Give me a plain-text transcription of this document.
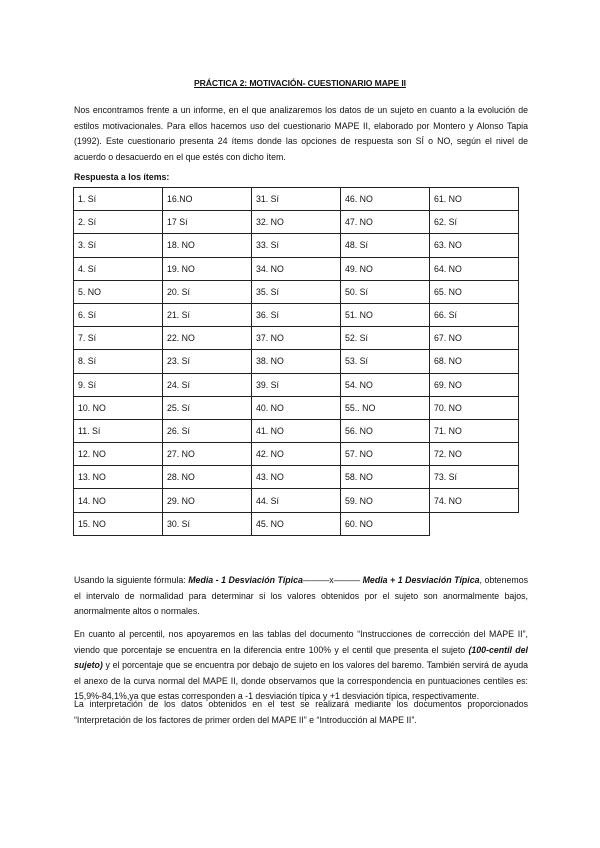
PRÁCTICA 2: MOTIVACIÓN- CUESTIONARIO MAPE II

Nos encontramos frente a un informe, en el que analizaremos los datos de un sujeto en cuanto a la evolución de estilos motivacionales. Para ellos hacemos uso del cuestionario MAPE II, elaborado por Montero y Alonso Tapia (1992). Este cuestionario presenta 24 ítems donde las opciones de respuesta son SÍ o NO, según el nivel de acuerdo o desacuerdo en el que estés con dicho ítem.

Respuesta a los ítems:
1. Sí	16.NO	31. Sí	46. NO	61. NO
2. Sí	17 Sí	32. NO	47. NO	62. Sí
3. Sí	18. NO	33. Sí	48. Sí	63. NO
4. Sí	19. NO	34. NO	49. NO	64. NO
5. NO	20. Sí	35. Sí	50. Sí	65. NO
6. Sí	21. Sí	36. Sí	51. NO	66. Sí
7. Sí	22. NO	37. NO	52. Sí	67. NO
8. Sí	23. Sí	38. NO	53. Sí	68. NO
9. Sí	24. Sí	39. Sí	54. NO	69. NO
10. NO	25. Sí	40. NO	55.. NO	70. NO
11. Sí	26. Sí	41. NO	56. NO	71. NO
12. NO	27. NO	42. NO	57. NO	72. NO
13. NO	28. NO	43. NO	58. NO	73. Sí
14. NO	29. NO	44. Sí	59. NO	74. NO
15. NO	30. Sí	45. NO	60. NO	

Usando la siguiente fórmula: Media - 1 Desviación Típica———x——— Media + 1 Desviación Típica, obtenemos el intervalo de normalidad para determinar si los valores obtenidos por el sujeto son anormalmente bajos, anormalmente altos o normales.

En cuanto al percentil, nos apoyaremos en las tablas del documento “Instrucciones de corrección del MAPE II”, viendo que porcentaje se encuentra en la diferencia entre 100% y el centil que presenta el sujeto (100-centil del sujeto) y el porcentaje que se encuentra por debajo de sujeto en los valores del baremo. También servirá de ayuda el anexo de la curva normal del MAPE II, donde observamos que la correspondencia en puntuaciones centiles es: 15,9%-84,1%,ya que estas corresponden a -1 desviación típica y +1 desviación típica, respectivamente.

La interpretación de los datos obtenidos en el test se realizará mediante los documentos proporcionados “Interpretación de los factores de primer orden del MAPE II” e “Introducción al MAPE II”.
